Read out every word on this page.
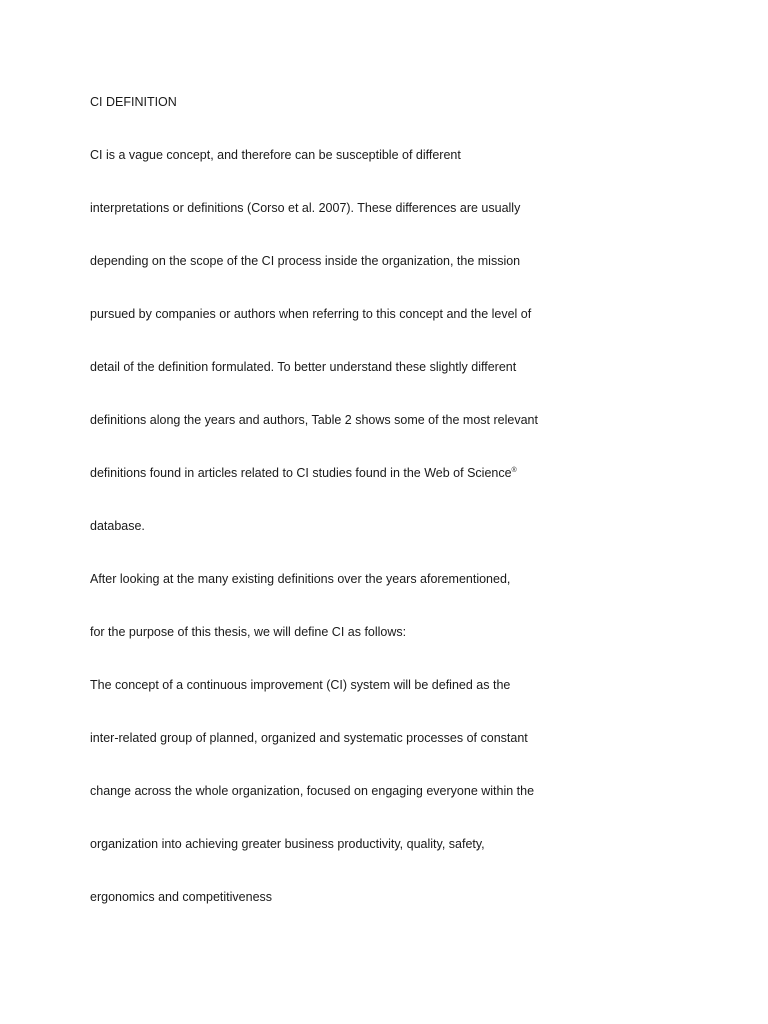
CI DEFINITION
CI is a vague concept, and therefore can be susceptible of different
interpretations or definitions (Corso et al. 2007). These differences are usually
depending on the scope of the CI process inside the organization, the mission
pursued by companies or authors when referring to this concept and the level of
detail of the definition formulated. To better understand these slightly different
definitions along the years and authors, Table 2 shows some of the most relevant
definitions found in articles related to CI studies found in the Web of Science®
database.
After looking at the many existing definitions over the years aforementioned,
for the purpose of this thesis, we will define CI as follows:
The concept of a continuous improvement (CI) system will be defined as the
inter-related group of planned, organized and systematic processes of constant
change across the whole organization, focused on engaging everyone within the
organization into achieving greater business productivity, quality, safety,
ergonomics and competitiveness
